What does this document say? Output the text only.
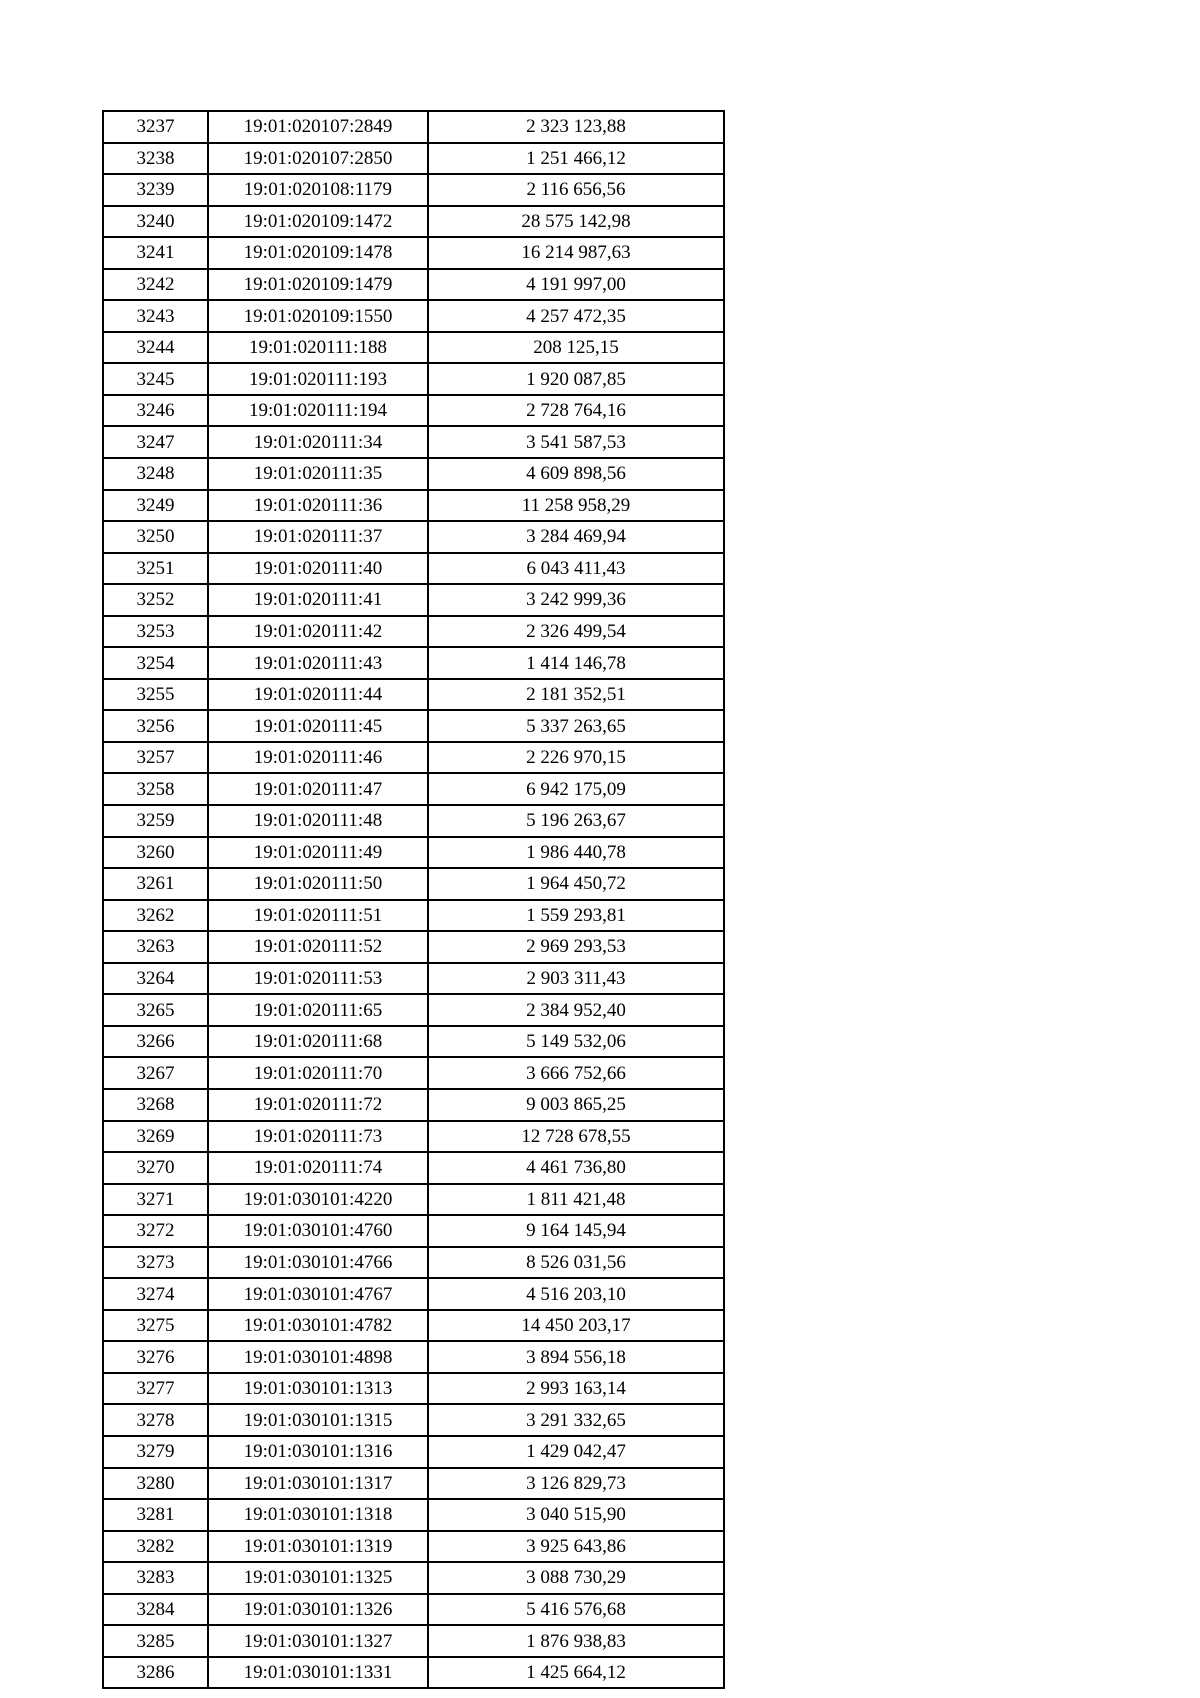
3237	19:01:020107:2849	2 323 123,88
3238	19:01:020107:2850	1 251 466,12
3239	19:01:020108:1179	2 116 656,56
3240	19:01:020109:1472	28 575 142,98
3241	19:01:020109:1478	16 214 987,63
3242	19:01:020109:1479	4 191 997,00
3243	19:01:020109:1550	4 257 472,35
3244	19:01:020111:188	208 125,15
3245	19:01:020111:193	1 920 087,85
3246	19:01:020111:194	2 728 764,16
3247	19:01:020111:34	3 541 587,53
3248	19:01:020111:35	4 609 898,56
3249	19:01:020111:36	11 258 958,29
3250	19:01:020111:37	3 284 469,94
3251	19:01:020111:40	6 043 411,43
3252	19:01:020111:41	3 242 999,36
3253	19:01:020111:42	2 326 499,54
3254	19:01:020111:43	1 414 146,78
3255	19:01:020111:44	2 181 352,51
3256	19:01:020111:45	5 337 263,65
3257	19:01:020111:46	2 226 970,15
3258	19:01:020111:47	6 942 175,09
3259	19:01:020111:48	5 196 263,67
3260	19:01:020111:49	1 986 440,78
3261	19:01:020111:50	1 964 450,72
3262	19:01:020111:51	1 559 293,81
3263	19:01:020111:52	2 969 293,53
3264	19:01:020111:53	2 903 311,43
3265	19:01:020111:65	2 384 952,40
3266	19:01:020111:68	5 149 532,06
3267	19:01:020111:70	3 666 752,66
3268	19:01:020111:72	9 003 865,25
3269	19:01:020111:73	12 728 678,55
3270	19:01:020111:74	4 461 736,80
3271	19:01:030101:4220	1 811 421,48
3272	19:01:030101:4760	9 164 145,94
3273	19:01:030101:4766	8 526 031,56
3274	19:01:030101:4767	4 516 203,10
3275	19:01:030101:4782	14 450 203,17
3276	19:01:030101:4898	3 894 556,18
3277	19:01:030101:1313	2 993 163,14
3278	19:01:030101:1315	3 291 332,65
3279	19:01:030101:1316	1 429 042,47
3280	19:01:030101:1317	3 126 829,73
3281	19:01:030101:1318	3 040 515,90
3282	19:01:030101:1319	3 925 643,86
3283	19:01:030101:1325	3 088 730,29
3284	19:01:030101:1326	5 416 576,68
3285	19:01:030101:1327	1 876 938,83
3286	19:01:030101:1331	1 425 664,12
